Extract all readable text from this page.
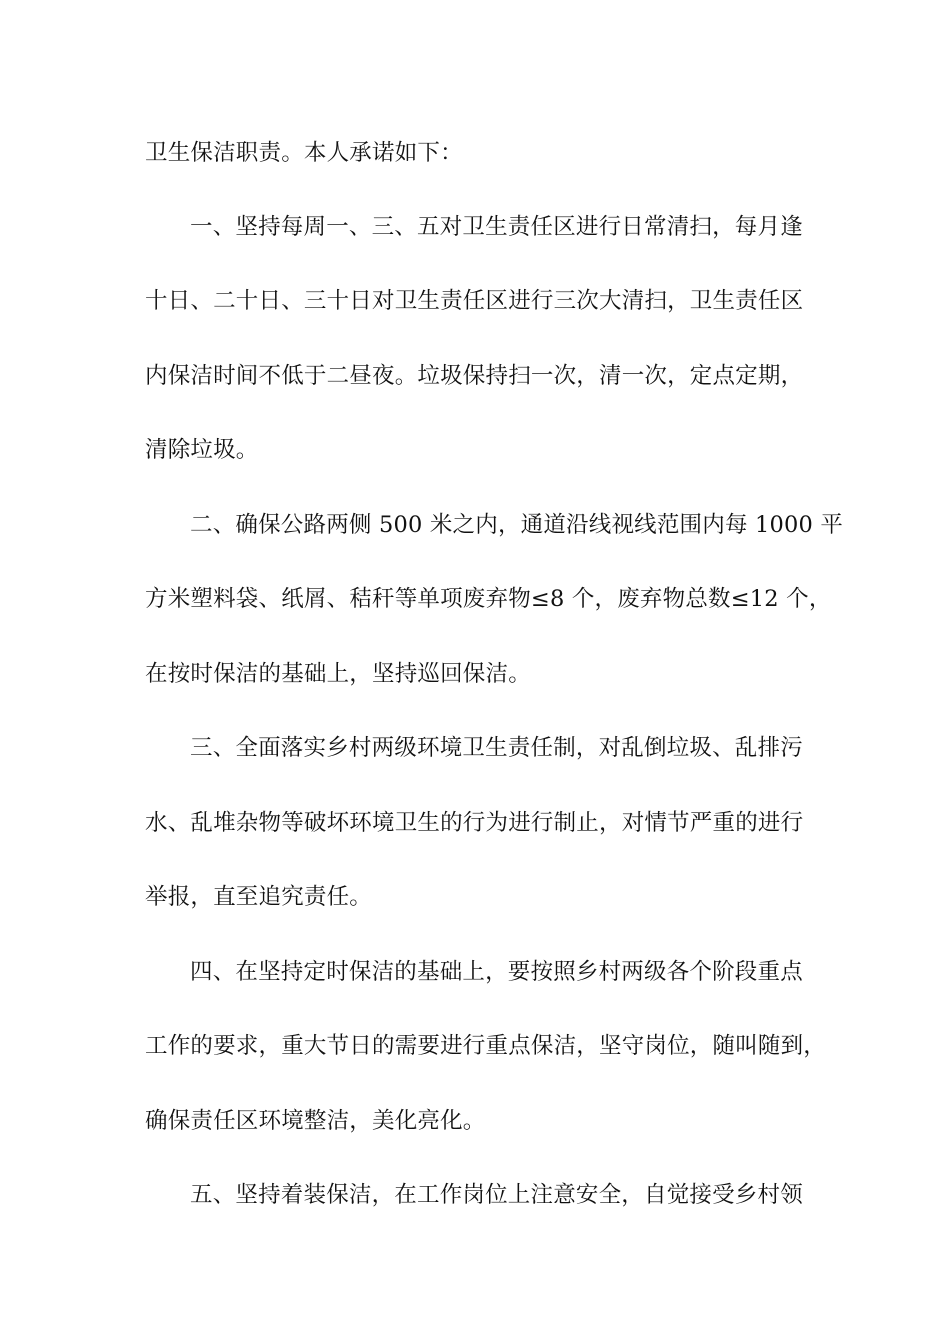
卫生保洁职责。本人承诺如下：
一、坚持每周一、三、五对卫生责任区进行日常清扫，每月逢
十日、二十日、三十日对卫生责任区进行三次大清扫，卫生责任区
内保洁时间不低于二昼夜。垃圾保持扫一次，清一次，定点定期，
清除垃圾。
二、确保公路两侧 500 米之内，通道沿线视线范围内每 1000 平
方米塑料袋、纸屑、秸秆等单项废弃物≤8 个，废弃物总数≤12 个，
在按时保洁的基础上，坚持巡回保洁。
三、全面落实乡村两级环境卫生责任制，对乱倒垃圾、乱排污
水、乱堆杂物等破坏环境卫生的行为进行制止，对情节严重的进行
举报，直至追究责任。
四、在坚持定时保洁的基础上，要按照乡村两级各个阶段重点
工作的要求，重大节日的需要进行重点保洁，坚守岗位，随叫随到，
确保责任区环境整洁，美化亮化。
五、坚持着装保洁，在工作岗位上注意安全，自觉接受乡村领
